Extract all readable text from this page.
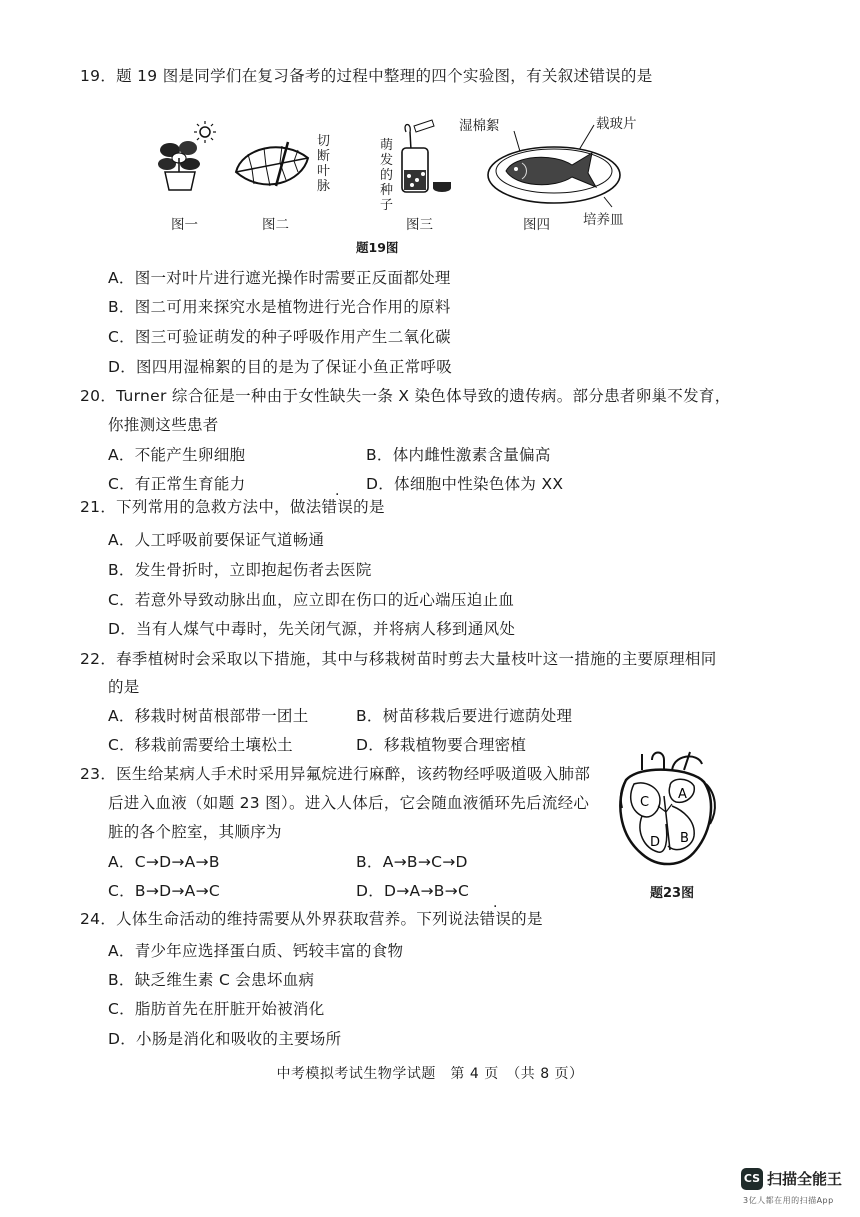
19．题 19 图是同学们在复习备考的过程中整理的四个实验图，有关叙述错误的是
图一
切断叶脉
图二
萌发的种子
图三
湿棉絮	载玻片
培养皿
图四
题19图
A．图一对叶片进行遮光操作时需要正反面都处理
B．图二可用来探究水是植物进行光合作用的原料
C．图三可验证萌发的种子呼吸作用产生二氧化碳
D．图四用湿棉絮的目的是为了保证小鱼正常呼吸
20．Turner 综合征是一种由于女性缺失一条 X 染色体导致的遗传病。部分患者卵巢不发育，
你推测这些患者
A．不能产生卵细胞	B．体内雌性激素含量偏高
C．有正常生育能力	D．体细胞中性染色体为 XX
21．下列常用的急救方法中，做法错误 ·的是
A．人工呼吸前要保证气道畅通
B．发生骨折时，立即抱起伤者去医院
C．若意外导致动脉出血，应立即在伤口的近心端压迫止血
D．当有人煤气中毒时，先关闭气源，并将病人移到通风处
22．春季植树时会采取以下措施，其中与移栽树苗时剪去大量枝叶这一措施的主要原理相同
的是
A．移栽时树苗根部带一团土	B．树苗移栽后要进行遮荫处理
C．移栽前需要给土壤松土	D．移栽植物要合理密植
23．医生给某病人手术时采用异氟烷进行麻醉，该药物经呼吸道吸入肺部
后进入血液（如题 23 图）。进入人体后，它会随血液循环先后流经心
脏的各个腔室，其顺序为
A．C→D→A→B	B．A→B→C→D
C．B→D→A→C	D．D→A→B→C
C
A
D B
题23图
24．人体生命活动的维持需要从外界获取营养。下列说法错误 ·的是
A．青少年应选择蛋白质、钙较丰富的食物
B．缺乏维生素 C 会患坏血病
C．脂肪首先在肝脏开始被消化
D．小肠是消化和吸收的主要场所
中考模拟考试生物学试题　第 4 页　（共 8 页）
CS 扫描全能王
3亿人都在用的扫描App
